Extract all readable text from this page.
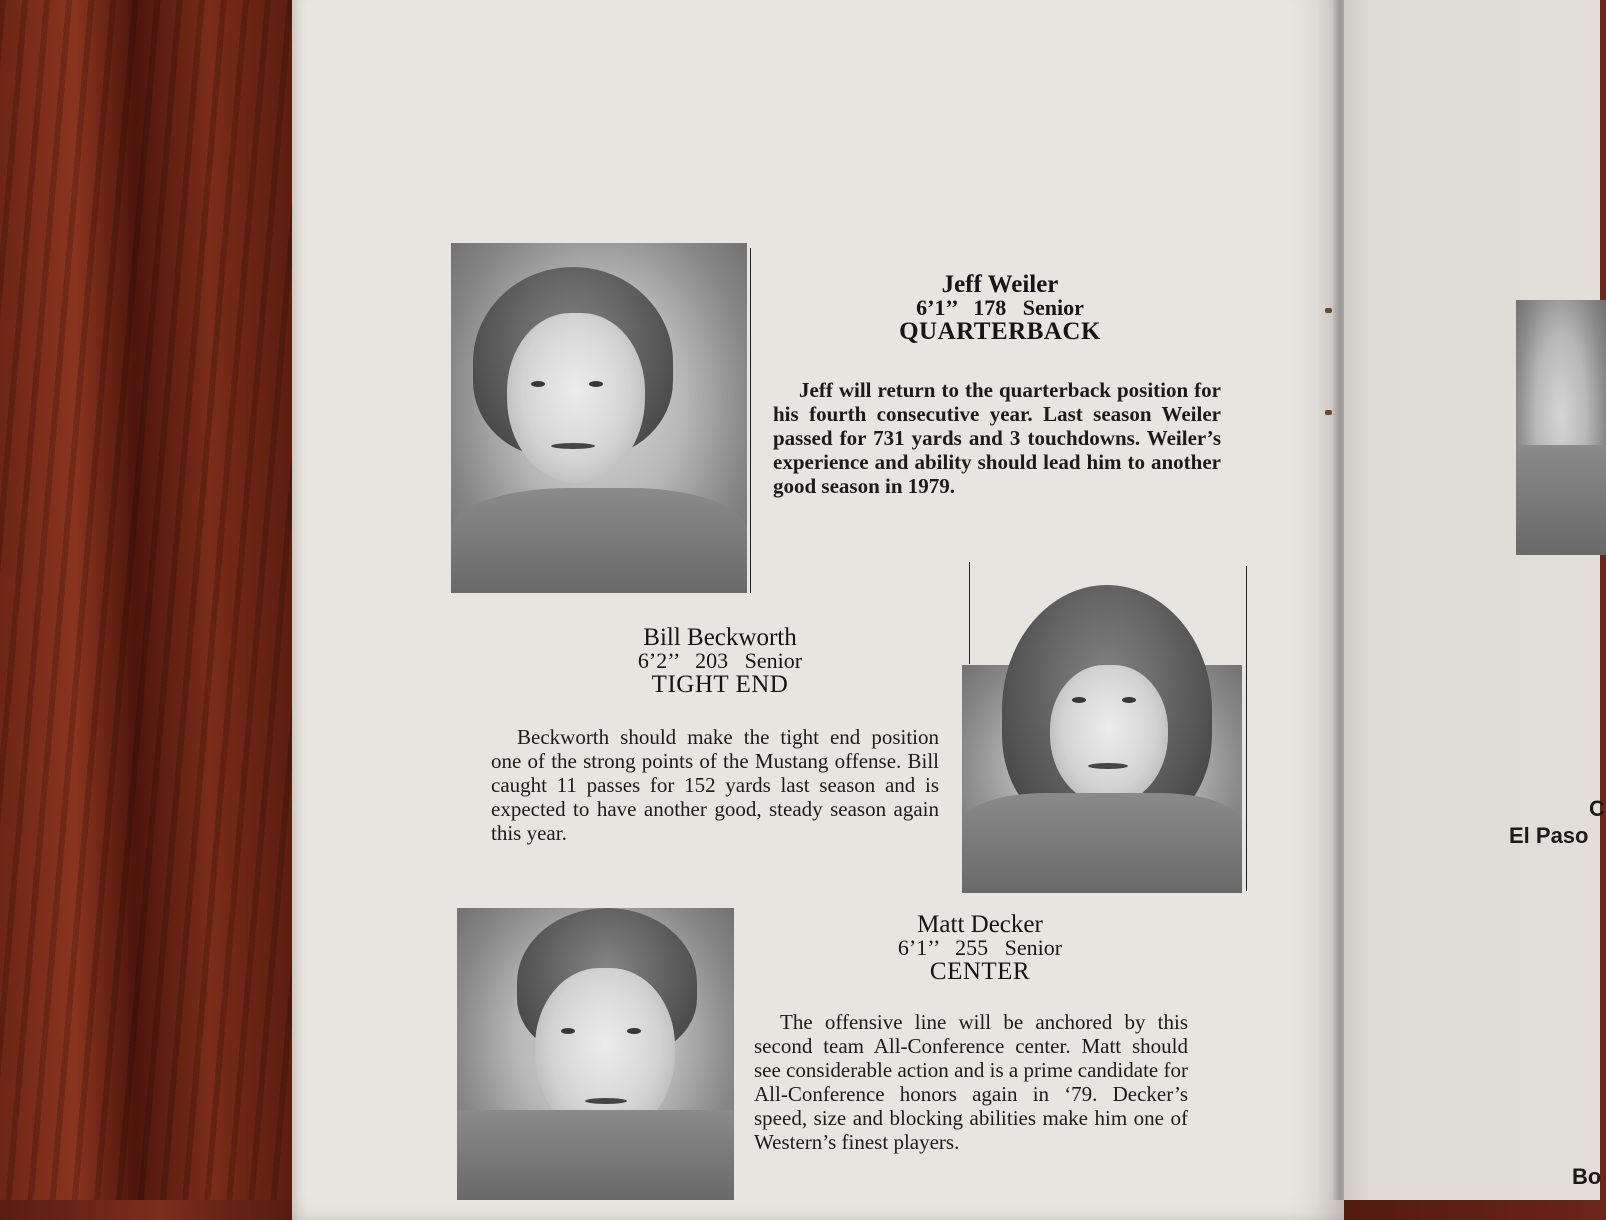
C
El Paso
Bo
Jeff Weiler
6’1’’   178   Senior
QUARTERBACK
Jeff will return to the quarterback position for his fourth consecutive year. Last season Weiler passed for 731 yards and 3 touchdowns. Weiler’s experience and ability should lead him to another good season in 1979.
Bill Beckworth
6’2’’   203   Senior
TIGHT END
Beckworth should make the tight end position one of the strong points of the Mustang offense. Bill caught 11 passes for 152 yards last season and is expected to have another good, steady season again this year.
Matt Decker
6’1’’   255   Senior
CENTER
The offensive line will be anchored by this second team All-Conference center. Matt should see considerable action and is a prime candidate for All-Conference honors again in ‘79. Decker’s speed, size and blocking abilities make him one of Western’s finest players.
